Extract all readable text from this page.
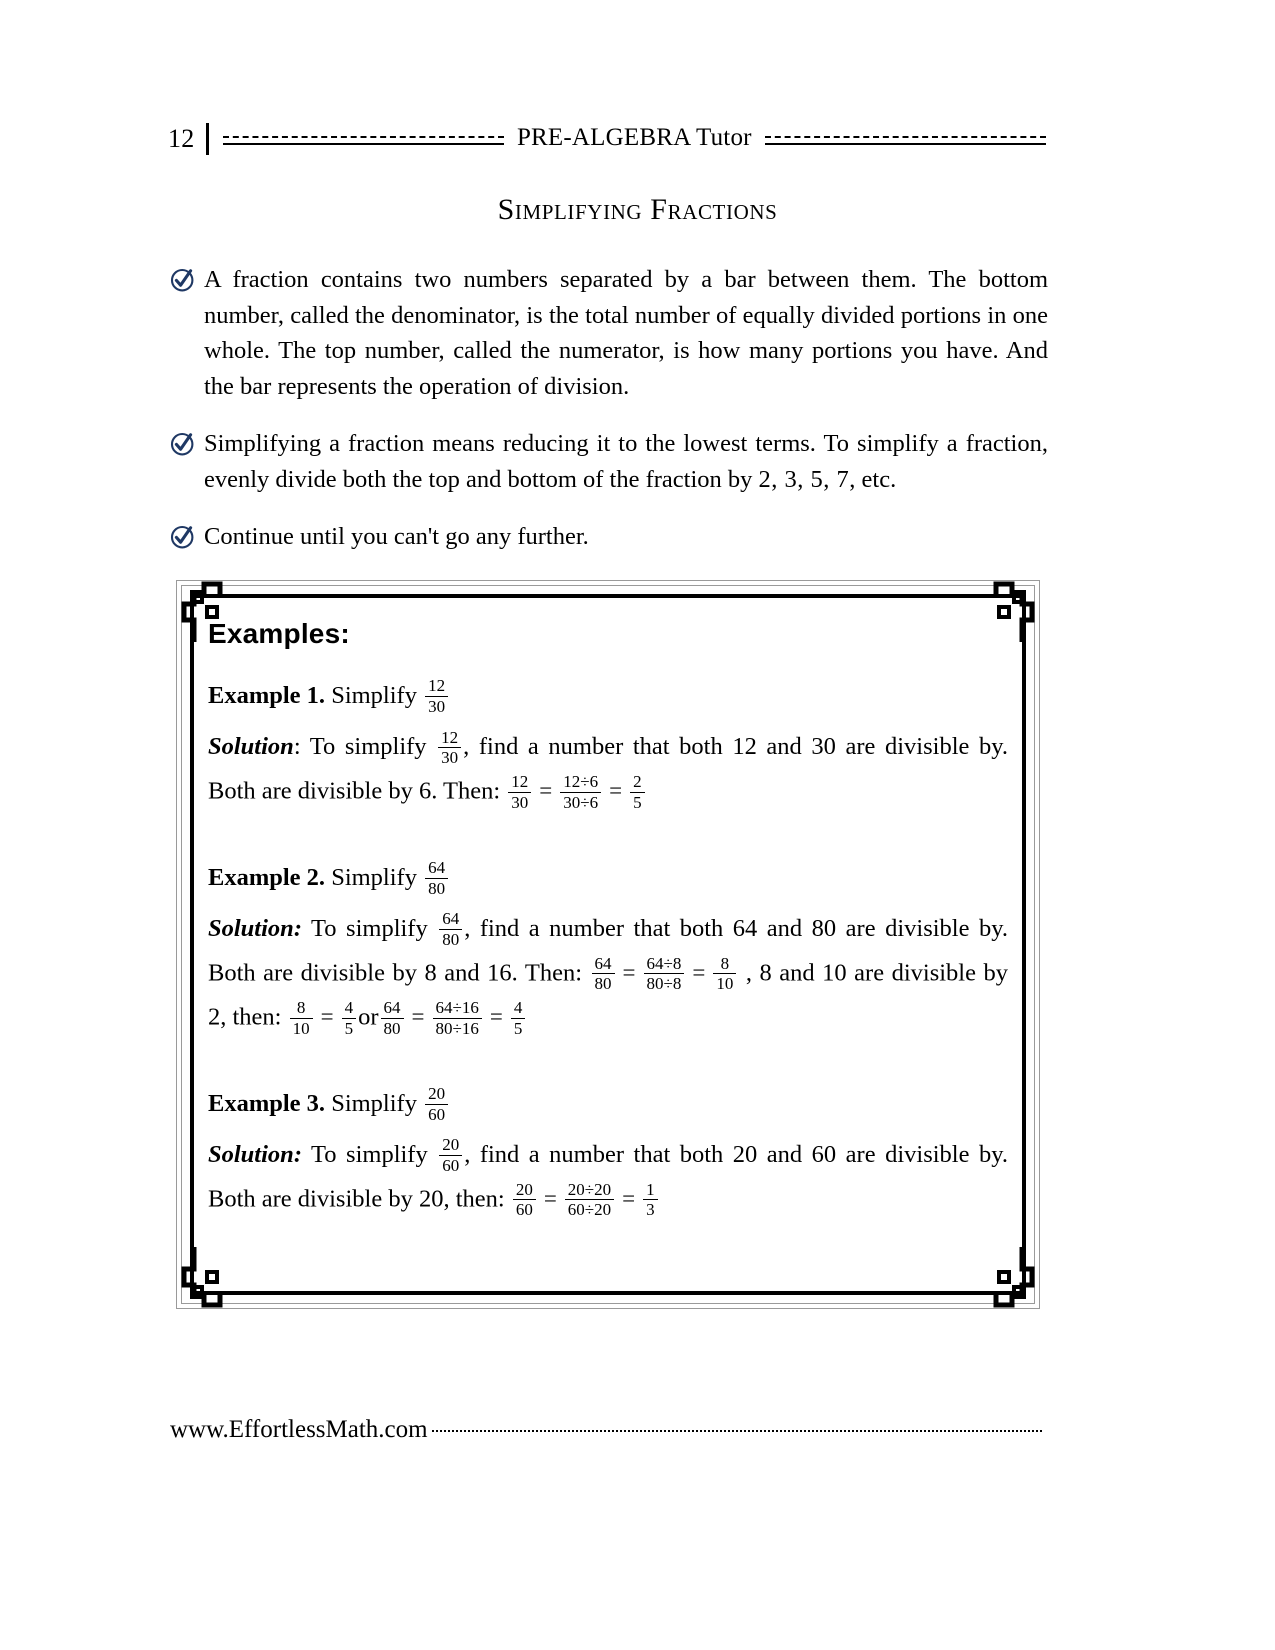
12	PRE-ALGEBRA Tutor
Simplifying Fractions
A fraction contains two numbers separated by a bar between them. The bottom number, called the denominator, is the total number of equally divided portions in one whole. The top number, called the numerator, is how many portions you have. And the bar represents the operation of division.
Simplifying a fraction means reducing it to the lowest terms. To simplify a fraction, evenly divide both the top and bottom of the fraction by 2, 3, 5, 7, etc.
Continue until you can't go any further.
Examples:
Example 1. Simplify $\frac{12}{30}$
Solution: To simplify $\frac{12}{30}$ , find a number that both 12 and 30 are divisible by. Both are divisible by 6. Then: $\frac{12}{30} = \frac{12\div 6}{30\div 6} = \frac{2}{5}$
Example 2. Simplify $\frac{64}{80}$
Solution: To simplify $\frac{64}{80}$ , find a number that both 64 and 80 are divisible by. Both are divisible by 8 and 16. Then: $\frac{64}{80} = \frac{64\div 8}{80\div 8} = \frac{8}{10}$ , 8 and 10 are divisible by 2, then: $\frac{8}{10} = \frac{4}{5}$ or $\frac{64}{80} = \frac{64\div 16}{80\div 16} = \frac{4}{5}$
Example 3. Simplify $\frac{20}{60}$
Solution: To simplify $\frac{20}{60}$ , find a number that both 20 and 60 are divisible by. Both are divisible by 20, then: $\frac{20}{60} = \frac{20\div 20}{60\div 20} = \frac{1}{3}$
www.EffortlessMath.com
